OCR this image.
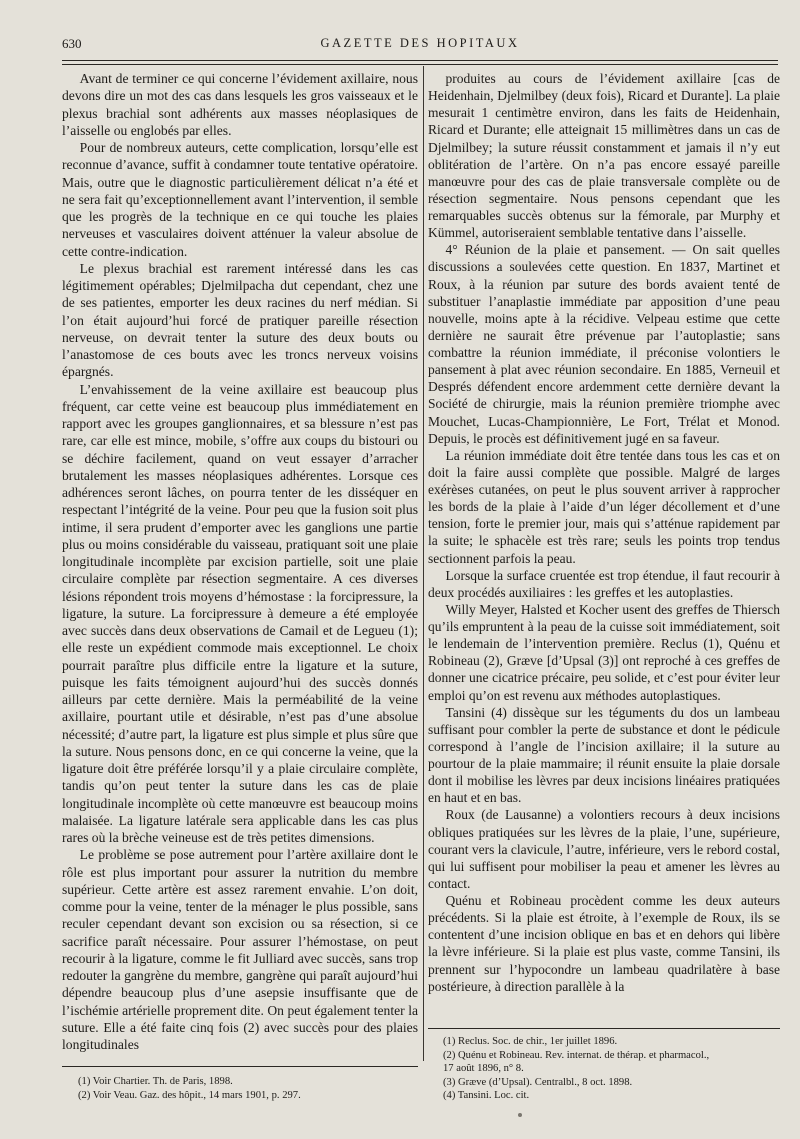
630	GAZETTE DES HOPITAUX

Avant de terminer ce qui concerne l’évidement axillaire, nous devons dire un mot des cas dans lesquels les gros vaisseaux et le plexus brachial sont adhérents aux masses néoplasiques de l’aisselle ou englobés par elles.

Pour de nombreux auteurs, cette complication, lorsqu’elle est reconnue d’avance, suffit à condamner toute tentative opératoire. Mais, outre que le diagnostic particulièrement délicat n’a été et ne sera fait qu’exceptionnellement avant l’intervention, il semble que les progrès de la technique en ce qui touche les plaies nerveuses et vasculaires doivent atténuer la valeur absolue de cette contre-indication.

Le plexus brachial est rarement intéressé dans les cas légitimement opérables; Djelmilpacha dut cependant, chez une de ses patientes, emporter les deux racines du nerf médian. Si l’on était aujourd’hui forcé de pratiquer pareille résection nerveuse, on devrait tenter la suture des deux bouts ou l’anastomose de ces bouts avec les troncs nerveux voisins épargnés.

L’envahissement de la veine axillaire est beaucoup plus fréquent, car cette veine est beaucoup plus immédiatement en rapport avec les groupes ganglionnaires, et sa blessure n’est pas rare, car elle est mince, mobile, s’offre aux coups du bistouri ou se déchire facilement, quand on veut essayer d’arracher brutalement les masses néoplasiques adhérentes. Lorsque ces adhérences seront lâches, on pourra tenter de les disséquer en respectant l’intégrité de la veine. Pour peu que la fusion soit plus intime, il sera prudent d’emporter avec les ganglions une partie plus ou moins considérable du vaisseau, pratiquant soit une plaie longitudinale incomplète par excision partielle, soit une plaie circulaire complète par résection segmentaire. A ces diverses lésions répondent trois moyens d’hémostase : la forcipressure, la ligature, la suture. La forcipressure à demeure a été employée avec succès dans deux observations de Camail et de Legueu (1); elle reste un expédient commode mais exceptionnel. Le choix pourrait paraître plus difficile entre la ligature et la suture, puisque les faits témoignent aujourd’hui des succès donnés ailleurs par cette dernière. Mais la perméabilité de la veine axillaire, pourtant utile et désirable, n’est pas d’une absolue nécessité; d’autre part, la ligature est plus simple et plus sûre que la suture. Nous pensons donc, en ce qui concerne la veine, que la ligature doit être préférée lorsqu’il y a plaie circulaire complète, tandis qu’on peut tenter la suture dans les cas de plaie longitudinale incomplète où cette manœuvre est beaucoup moins malaisée. La ligature latérale sera applicable dans les cas plus rares où la brèche veineuse est de très petites dimensions.

Le problème se pose autrement pour l’artère axillaire dont le rôle est plus important pour assurer la nutrition du membre supérieur. Cette artère est assez rarement envahie. L’on doit, comme pour la veine, tenter de la ménager le plus possible, sans reculer cependant devant son excision ou sa résection, si ce sacrifice paraît nécessaire. Pour assurer l’hémostase, on peut recourir à la ligature, comme le fit Julliard avec succès, sans trop redouter la gangrène du membre, gangrène qui paraît aujourd’hui dépendre beaucoup plus d’une asepsie insuffisante que de l’ischémie artérielle proprement dite. On peut également tenter la suture. Elle a été faite cinq fois (2) avec succès pour des plaies longitudinales

produites au cours de l’évidement axillaire [cas de Heidenhain, Djelmilbey (deux fois), Ricard et Durante]. La plaie mesurait 1 centimètre environ, dans les faits de Heidenhain, Ricard et Durante; elle atteignait 15 millimètres dans un cas de Djelmilbey; la suture réussit constamment et jamais il n’y eut oblitération de l’artère. On n’a pas encore essayé pareille manœuvre pour des cas de plaie transversale complète ou de résection segmentaire. Nous pensons cependant que les remarquables succès obtenus sur la fémorale, par Murphy et Kümmel, autoriseraient semblable tentative dans l’aisselle.

4° Réunion de la plaie et pansement. — On sait quelles discussions a soulevées cette question. En 1837, Martinet et Roux, à la réunion par suture des bords avaient tenté de substituer l’anaplastie immédiate par apposition d’une peau nouvelle, moins apte à la récidive. Velpeau estime que cette dernière ne saurait être prévenue par l’autoplastie; sans combattre la réunion immédiate, il préconise volontiers le pansement à plat avec réunion secondaire. En 1885, Verneuil et Després défendent encore ardemment cette dernière devant la Société de chirurgie, mais la réunion première triomphe avec Mouchet, Lucas-Championnière, Le Fort, Trélat et Monod. Depuis, le procès est définitivement jugé en sa faveur.

La réunion immédiate doit être tentée dans tous les cas et on doit la faire aussi complète que possible. Malgré de larges exérèses cutanées, on peut le plus souvent arriver à rapprocher les bords de la plaie à l’aide d’un léger décollement et d’une tension, forte le premier jour, mais qui s’atténue rapidement par la suite; le sphacèle est très rare; seuls les points trop tendus sectionnent parfois la peau.

Lorsque la surface cruentée est trop étendue, il faut recourir à deux procédés auxiliaires : les greffes et les autoplasties.

Willy Meyer, Halsted et Kocher usent des greffes de Thiersch qu’ils empruntent à la peau de la cuisse soit immédiatement, soit le lendemain de l’intervention première. Reclus (1), Quénu et Robineau (2), Græve [d’Upsal (3)] ont reproché à ces greffes de donner une cicatrice précaire, peu solide, et c’est pour éviter leur emploi qu’on est revenu aux méthodes autoplastiques.

Tansini (4) dissèque sur les téguments du dos un lambeau suffisant pour combler la perte de substance et dont le pédicule correspond à l’angle de l’incision axillaire; il la suture au pourtour de la plaie mammaire; il réunit ensuite la plaie dorsale dont il mobilise les lèvres par deux incisions linéaires pratiquées en haut et en bas.

Roux (de Lausanne) a volontiers recours à deux incisions obliques pratiquées sur les lèvres de la plaie, l’une, supérieure, courant vers la clavicule, l’autre, inférieure, vers le rebord costal, qui lui suffisent pour mobiliser la peau et amener les lèvres au contact.

Quénu et Robineau procèdent comme les deux auteurs précédents. Si la plaie est étroite, à l’exemple de Roux, ils se contentent d’une incision oblique en bas et en dehors qui libère la lèvre inférieure. Si la plaie est plus vaste, comme Tansini, ils prennent sur l’hypocondre un lambeau quadrilatère à base postérieure, à direction parallèle à la

(1) Voir Chartier. Th. de Paris, 1898.
(2) Voir Veau. Gaz. des hôpit., 14 mars 1901, p. 297.
(1) Reclus. Soc. de chir., 1er juillet 1896.
(2) Quénu et Robineau. Rev. internat. de thérap. et pharmacol.,
17 août 1896, n° 8.
(3) Græve (d’Upsal). Centralbl., 8 oct. 1898.
(4) Tansini. Loc. cit.
